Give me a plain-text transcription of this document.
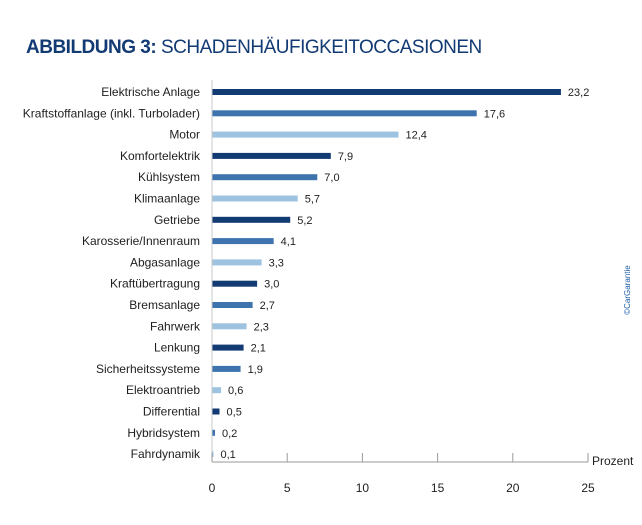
ABBILDUNG 3: SCHADENHÄUFIGKEITOCCASIONEN
Elektrische Anlage	23,2
Kraftstoffanlage (inkl. Turbolader)	17,6
Motor	12,4
Komfortelektrik	7,9
Kühlsystem	7,0
Klimaanlage	5,7
Getriebe	5,2
Karosserie/Innenraum	4,1
Abgasanlage	3,3
Kraftübertragung	3,0
Bremsanlage	2,7
Fahrwerk	2,3
Lenkung	2,1
Sicherheitssysteme	1,9
Elektroantrieb	0,6
Differential 0,5
Hybridsystem 0,2
Fahrdynamik 0,1
0	5	10	15	20	25
Prozent
©CarGarantie
